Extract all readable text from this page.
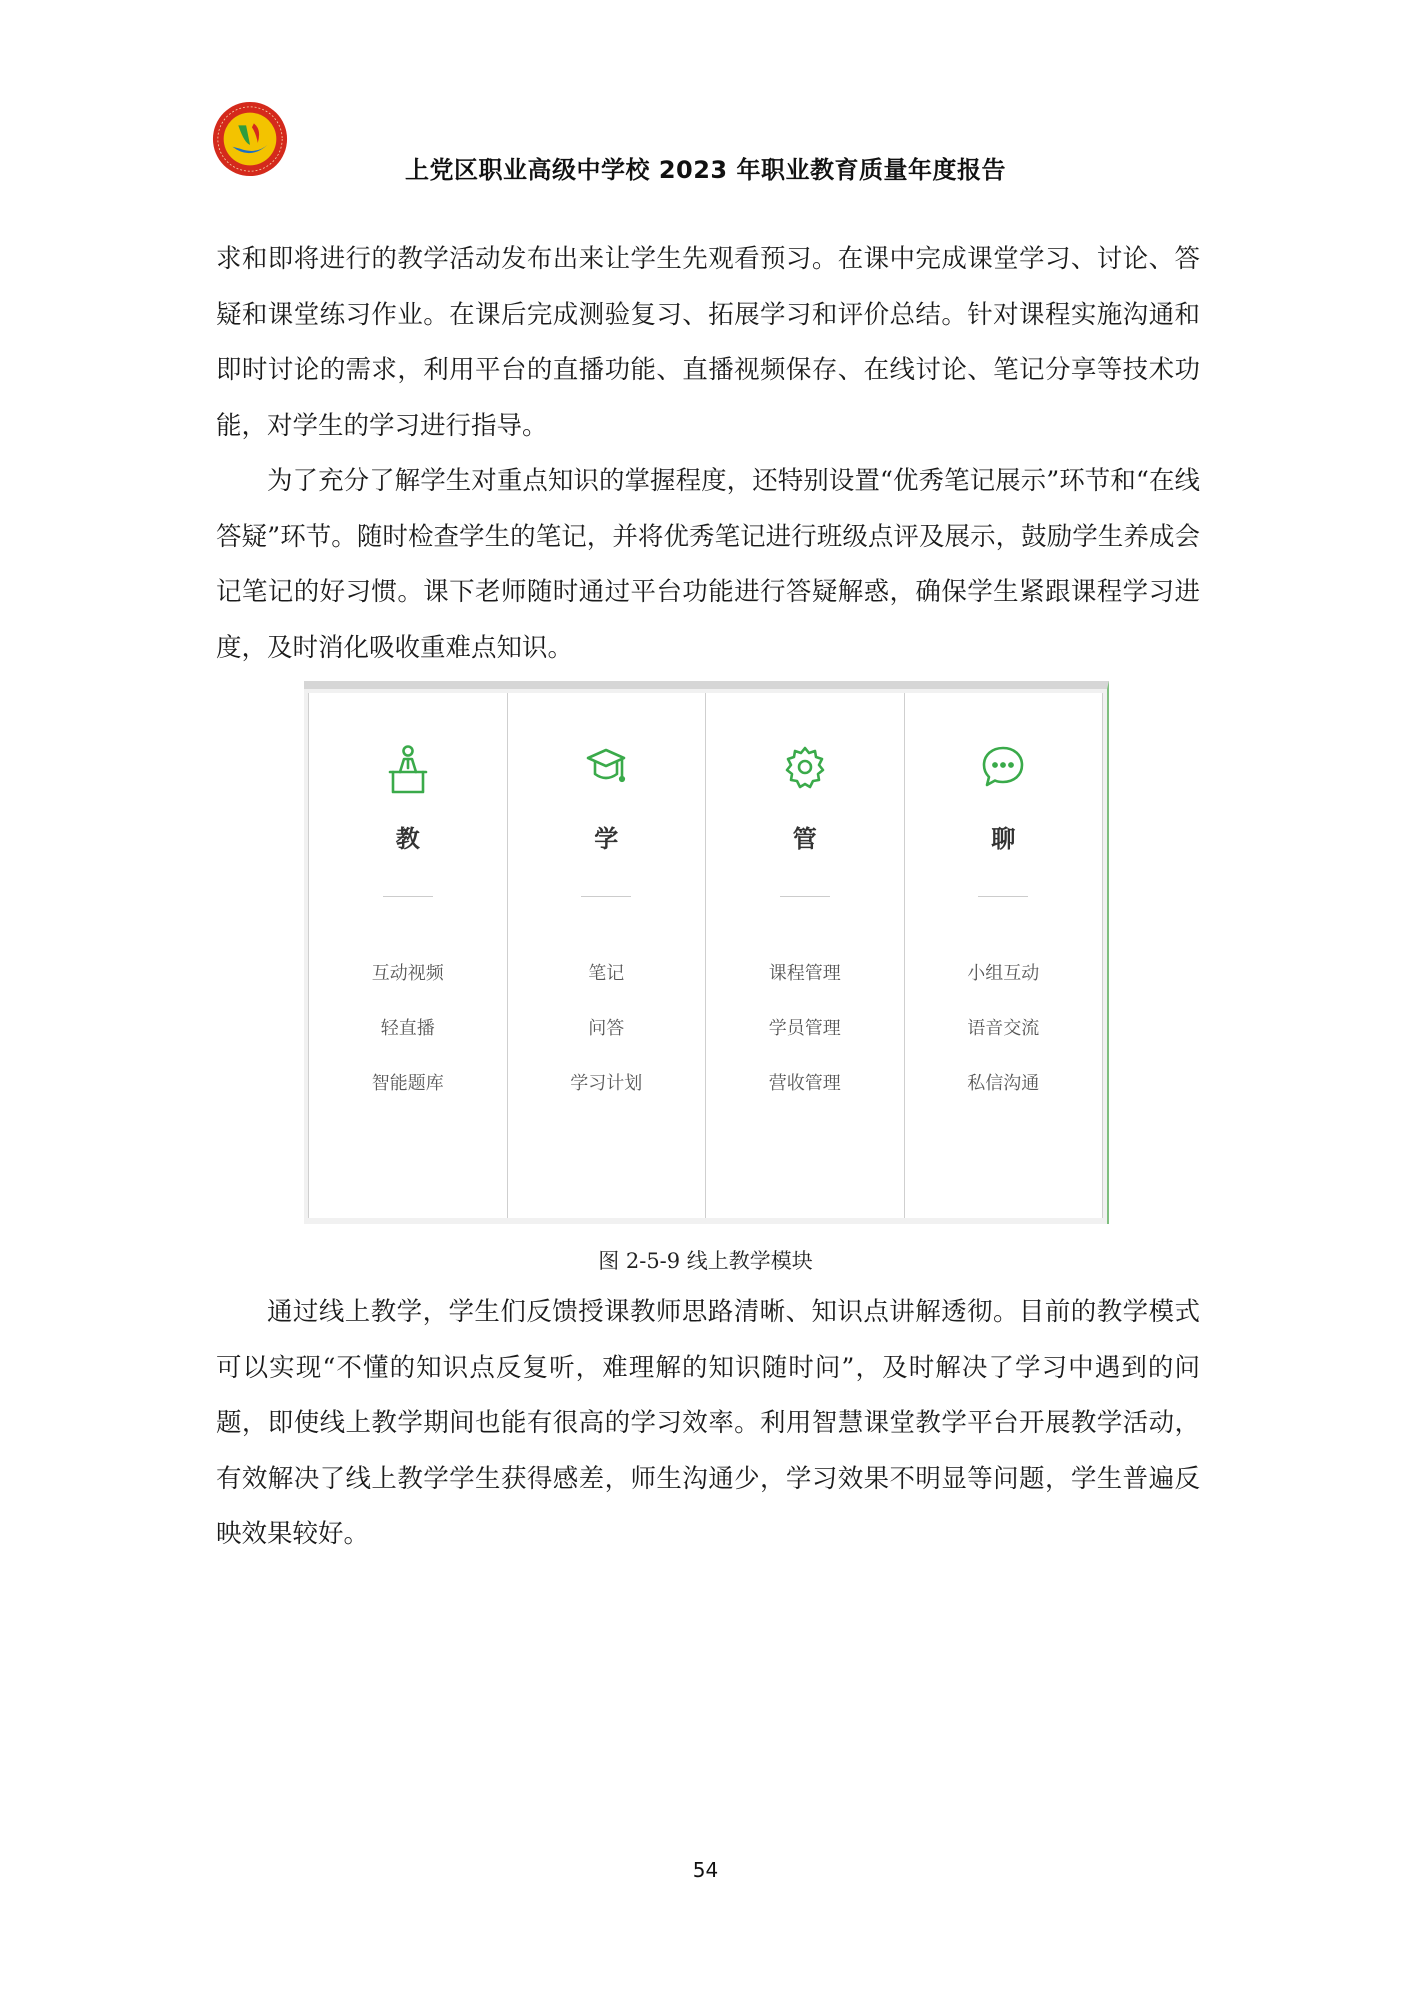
上党区职业高级中学校 2023 年职业教育质量年度报告

求和即将进行的教学活动发布出来让学生先观看预习。在课中完成课堂学习、讨论、答疑和课堂练习作业。在课后完成测验复习、拓展学习和评价总结。针对课程实施沟通和即时讨论的需求，利用平台的直播功能、直播视频保存、在线讨论、笔记分享等技术功能，对学生的学习进行指导。

为了充分了解学生对重点知识的掌握程度，还特别设置“优秀笔记展示”环节和“在线答疑”环节。随时检查学生的笔记，并将优秀笔记进行班级点评及展示，鼓励学生养成会记笔记的好习惯。课下老师随时通过平台功能进行答疑解惑，确保学生紧跟课程学习进度，及时消化吸收重难点知识。

教
互动视频
轻直播
智能题库
学
笔记
问答
学习计划
管
课程管理
学员管理
营收管理
聊
小组互动
语音交流
私信沟通
图 2-5-9 线上教学模块

通过线上教学，学生们反馈授课教师思路清晰、知识点讲解透彻。目前的教学模式可以实现“不懂的知识点反复听，难理解的知识随时问”，及时解决了学习中遇到的问题，即使线上教学期间也能有很高的学习效率。利用智慧课堂教学平台开展教学活动，有效解决了线上教学学生获得感差，师生沟通少，学习效果不明显等问题，学生普遍反映效果较好。

54
